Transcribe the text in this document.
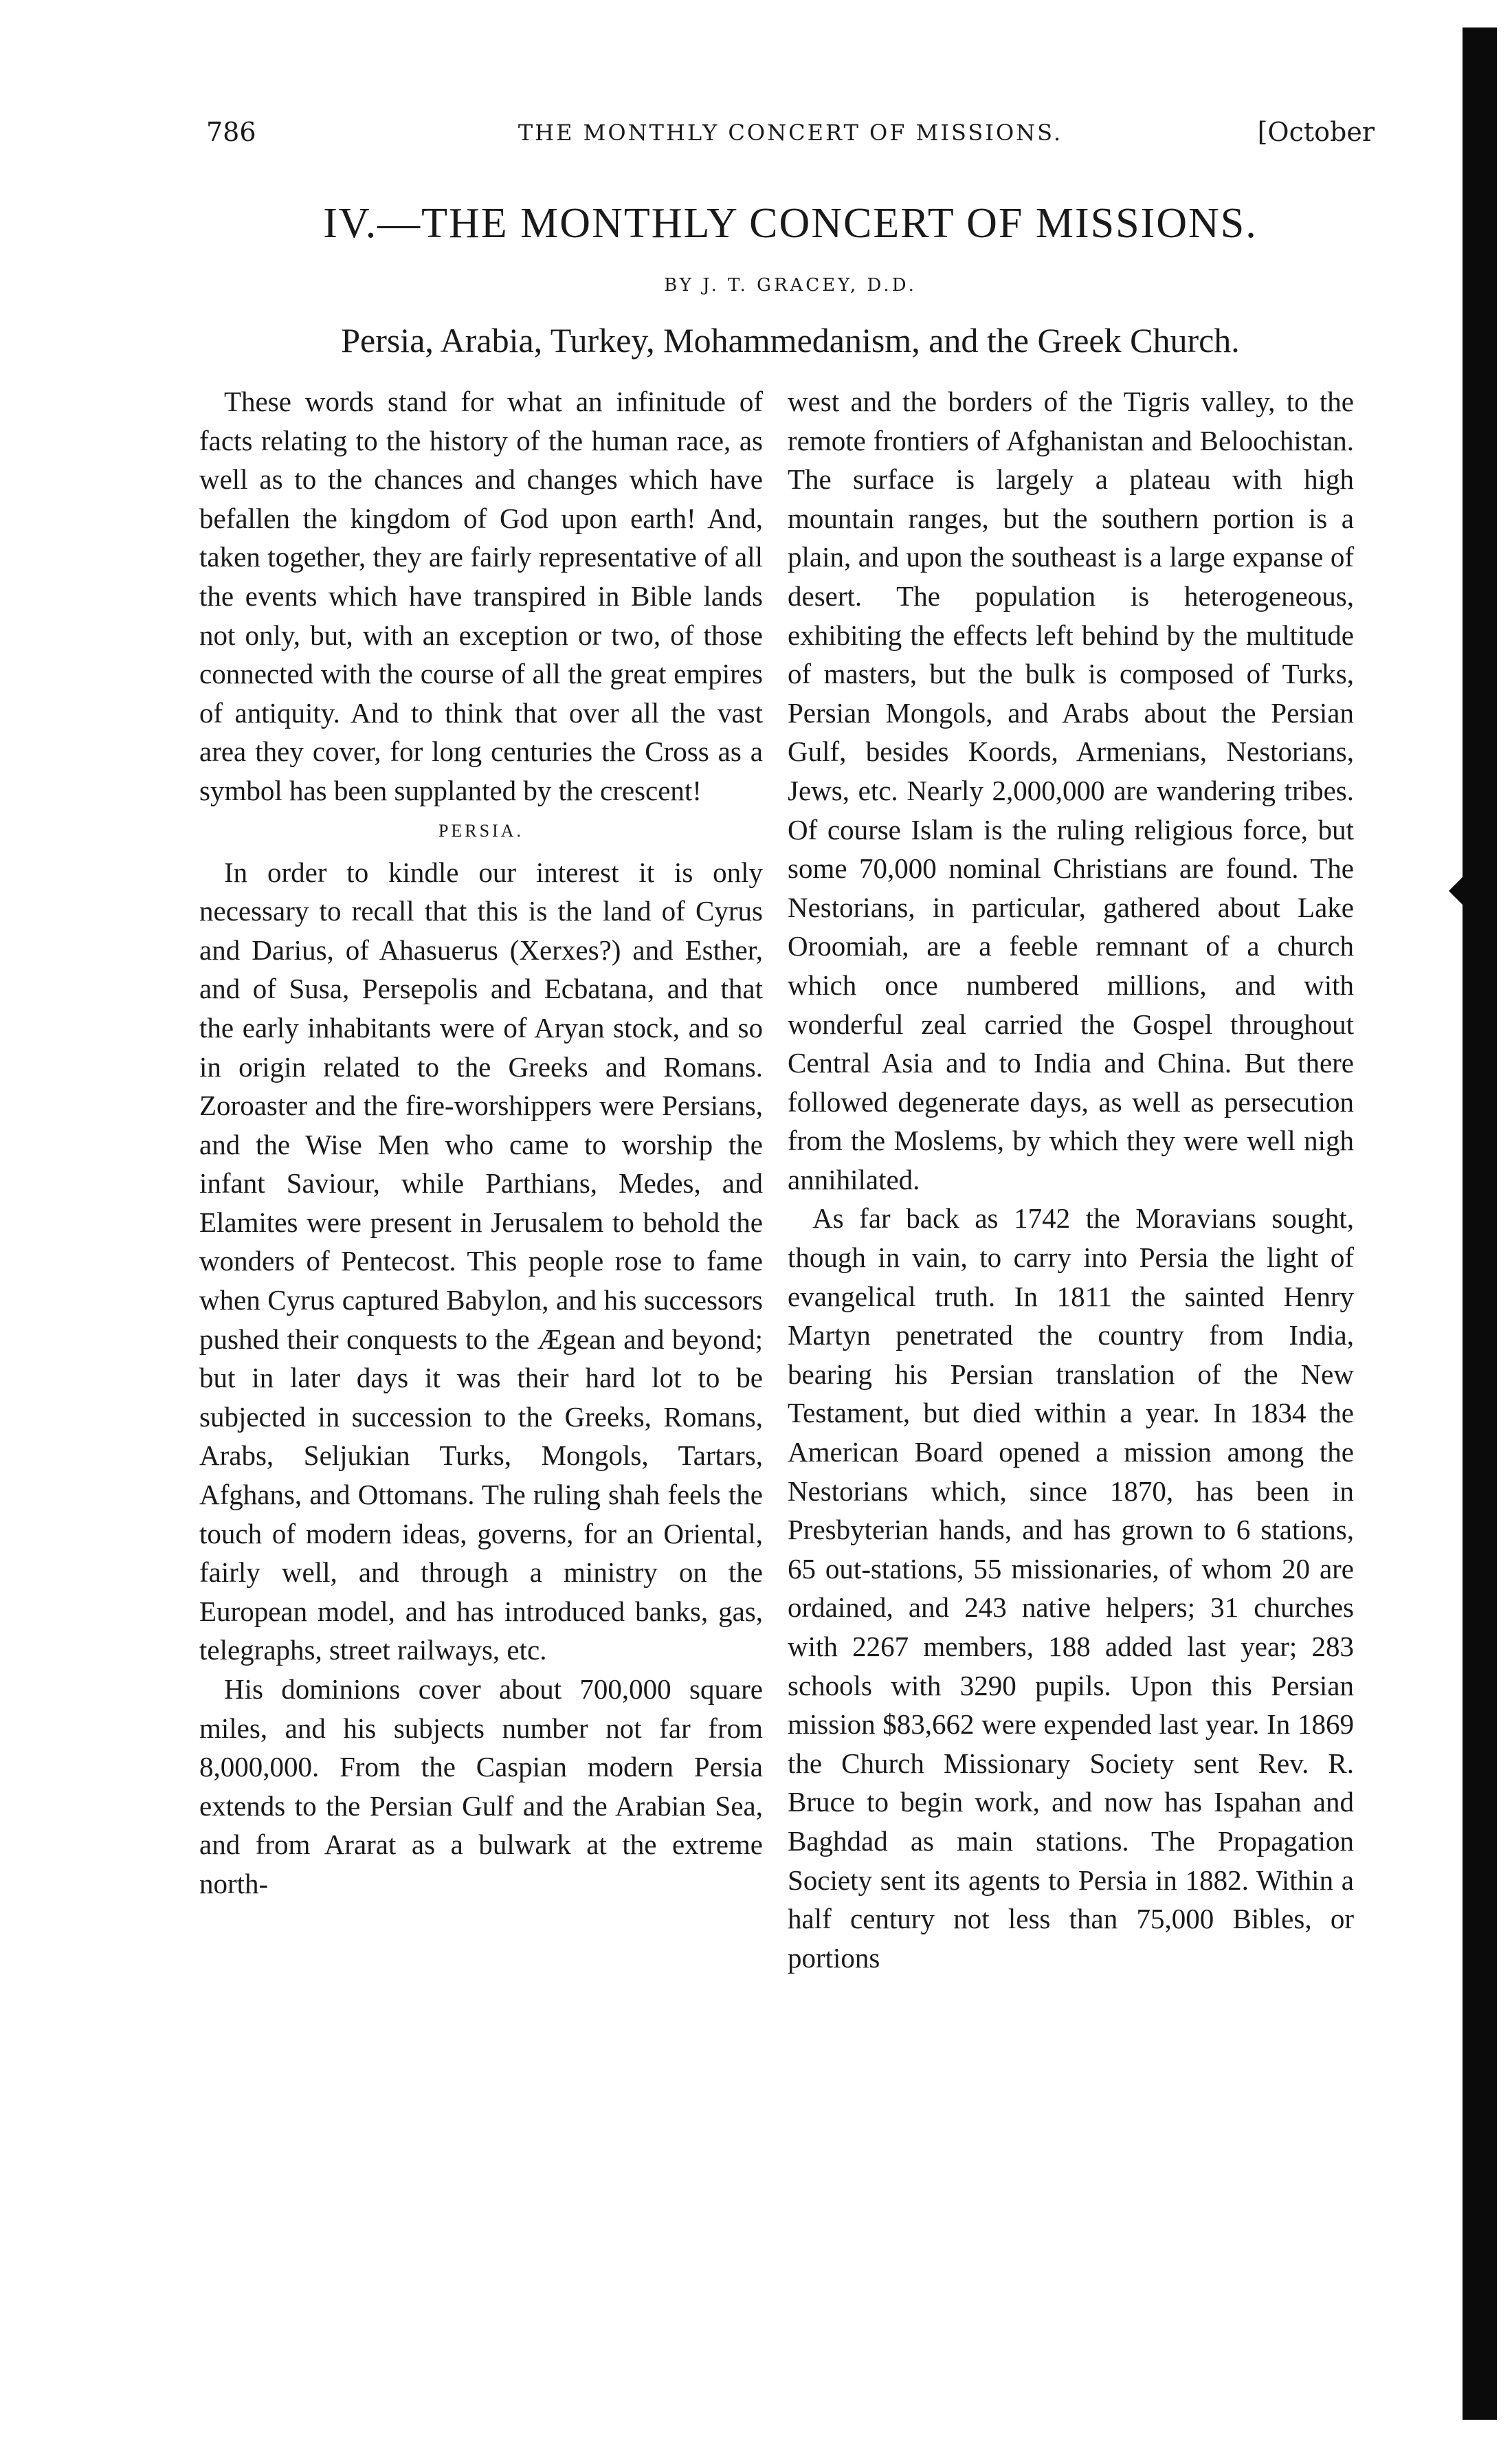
786	THE MONTHLY CONCERT OF MISSIONS.	[October
IV.—THE MONTHLY CONCERT OF MISSIONS.
BY J. T. GRACEY, D.D.
Persia, Arabia, Turkey, Mohammedanism, and the Greek Church.

These words stand for what an infinitude of facts relating to the history of the human race, as well as to the chances and changes which have befallen the kingdom of God upon earth! And, taken together, they are fairly representative of all the events which have transpired in Bible lands not only, but, with an exception or two, of those connected with the course of all the great empires of antiquity. And to think that over all the vast area they cover, for long centuries the Cross as a symbol has been supplanted by the crescent!

PERSIA.

In order to kindle our interest it is only necessary to recall that this is the land of Cyrus and Darius, of Ahasuerus (Xerxes?) and Esther, and of Susa, Persepolis and Ecbatana, and that the early inhabitants were of Aryan stock, and so in origin related to the Greeks and Romans. Zoroaster and the fire-worshippers were Persians, and the Wise Men who came to worship the infant Saviour, while Parthians, Medes, and Elamites were present in Jerusalem to behold the wonders of Pentecost. This people rose to fame when Cyrus captured Babylon, and his successors pushed their conquests to the Ægean and beyond; but in later days it was their hard lot to be subjected in succession to the Greeks, Romans, Arabs, Seljukian Turks, Mongols, Tartars, Afghans, and Ottomans. The ruling shah feels the touch of modern ideas, governs, for an Oriental, fairly well, and through a ministry on the European model, and has introduced banks, gas, telegraphs, street railways, etc.

His dominions cover about 700,000 square miles, and his subjects number not far from 8,000,000. From the Caspian modern Persia extends to the Persian Gulf and the Arabian Sea, and from Ararat as a bulwark at the extreme north-

west and the borders of the Tigris valley, to the remote frontiers of Afghanistan and Beloochistan. The surface is largely a plateau with high mountain ranges, but the southern portion is a plain, and upon the southeast is a large expanse of desert. The population is heterogeneous, exhibiting the effects left behind by the multitude of masters, but the bulk is composed of Turks, Persian Mongols, and Arabs about the Persian Gulf, besides Koords, Armenians, Nestorians, Jews, etc. Nearly 2,000,000 are wandering tribes. Of course Islam is the ruling religious force, but some 70,000 nominal Christians are found. The Nestorians, in particular, gathered about Lake Oroomiah, are a feeble remnant of a church which once numbered millions, and with wonderful zeal carried the Gospel throughout Central Asia and to India and China. But there followed degenerate days, as well as persecution from the Moslems, by which they were well nigh annihilated.

As far back as 1742 the Moravians sought, though in vain, to carry into Persia the light of evangelical truth. In 1811 the sainted Henry Martyn penetrated the country from India, bearing his Persian translation of the New Testament, but died within a year. In 1834 the American Board opened a mission among the Nestorians which, since 1870, has been in Presbyterian hands, and has grown to 6 stations, 65 out-stations, 55 missionaries, of whom 20 are ordained, and 243 native helpers; 31 churches with 2267 members, 188 added last year; 283 schools with 3290 pupils. Upon this Persian mission $83,662 were expended last year. In 1869 the Church Missionary Society sent Rev. R. Bruce to begin work, and now has Ispahan and Baghdad as main stations. The Propagation Society sent its agents to Persia in 1882. Within a half century not less than 75,000 Bibles, or portions
